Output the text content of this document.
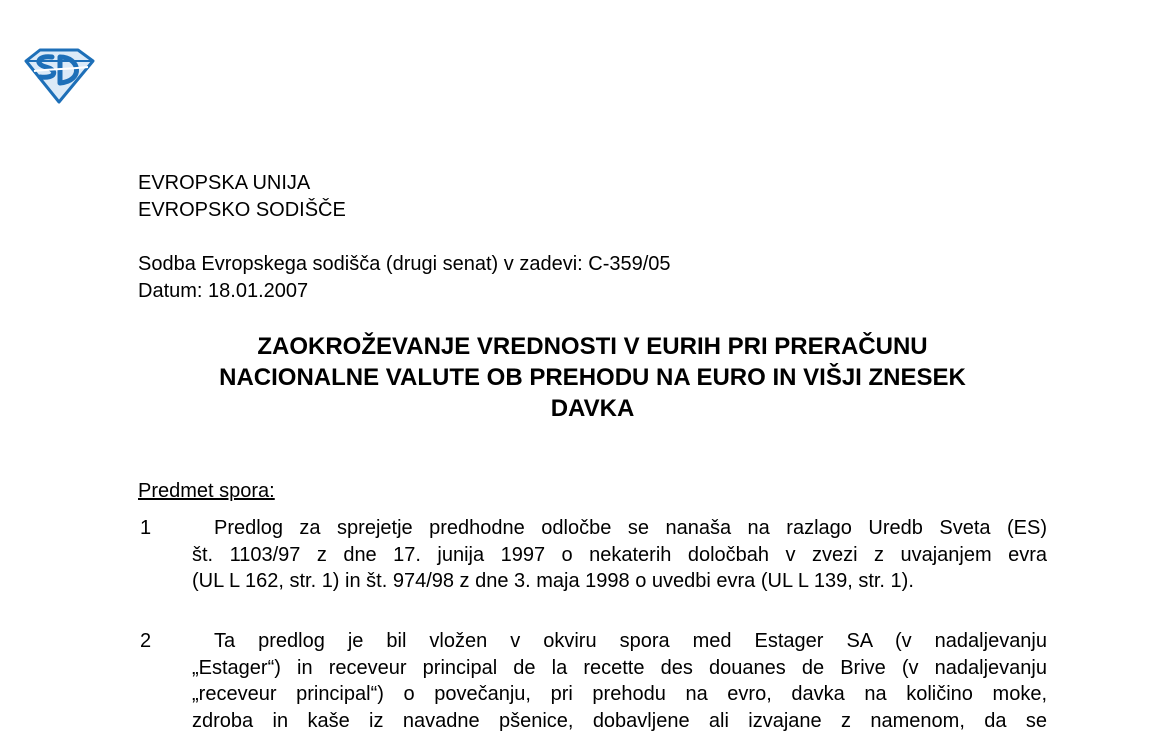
EVROPSKA UNIJA
EVROPSKO SODIŠČE
Sodba Evropskega sodišča (drugi senat) v zadevi: C-359/05
Datum: 18.01.2007
ZAOKROŽEVANJE VREDNOSTI V EURIH PRI PRERAČUNU
NACIONALNE VALUTE OB PREHODU NA EURO IN VIŠJI ZNESEK
DAVKA
Predmet spora:
1	Predlog za sprejetje predhodne odločbe se nanaša na razlago Uredb Sveta (ES)
št. 1103/97 z dne 17. junija 1997 o nekaterih določbah v zvezi z uvajanjem evra
(UL L 162, str. 1) in št. 974/98 z dne 3. maja 1998 o uvedbi evra (UL L 139, str. 1).
2	Ta predlog je bil vložen v okviru spora med Estager SA (v nadaljevanju
„Estager“) in receveur principal de la recette des douanes de Brive (v nadaljevanju
„receveur principal“) o povečanju, pri prehodu na evro, davka na količino moke,
zdroba in kaše iz navadne pšenice, dobavljene ali izvajane z namenom, da se
